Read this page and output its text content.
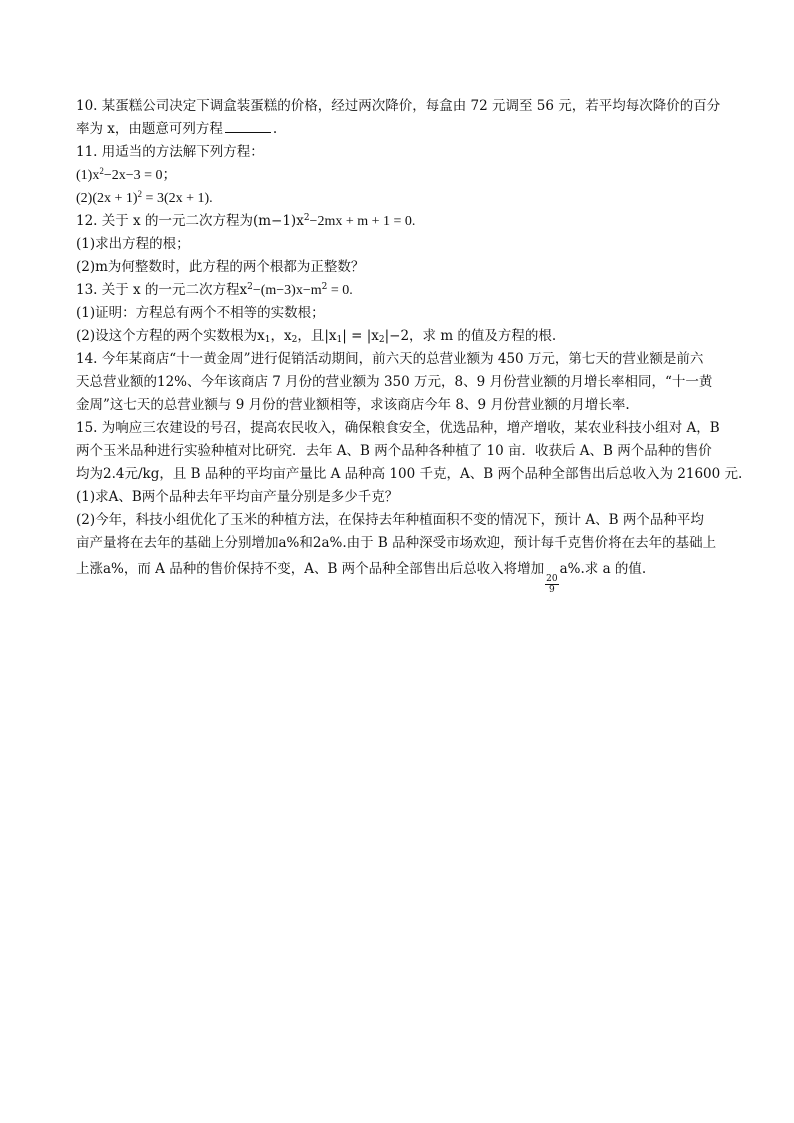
10. 某蛋糕公司决定下调盒装蛋糕的价格，经过两次降价，每盒由 72 元调至 56 元，若平均每次降价的百分
率为 x，由题意可列方程	.
11. 用适当的方法解下列方程：
$(1)x^2-2x-3 = 0$；
$(2)(2x + 1)^2 = 3(2x + 1)$.
12. 关于 x 的一元二次方程为$(m-1)x^2-2mx + m + 1 = 0$.
(1)求出方程的根；
(2)m为何整数时，此方程的两个根都为正整数？
13. 关于 x 的一元二次方程$x^2-(m-3)x-m^2 = 0$.
(1)证明：方程总有两个不相等的实数根；
(2)设这个方程的两个实数根为$x_1$，$x_2$，且$|x_1| = |x_2|-2$，求 m 的值及方程的根.
14. 今年某商店“十一黄金周”进行促销活动期间，前六天的总营业额为 450 万元，第七天的营业额是前六
天总营业额的12%、今年该商店 7 月份的营业额为 350 万元，8、9 月份营业额的月增长率相同，“十一黄
金周”这七天的总营业额与 9 月份的营业额相等，求该商店今年 8、9 月份营业额的月增长率.
15. 为响应三农建设的号召，提高农民收入，确保粮食安全，优选品种，增产增收，某农业科技小组对 A，B
两个玉米品种进行实验种植对比研究．去年 A、B 两个品种各种植了 10 亩．收获后 A、B 两个品种的售价
均为2.4元/kg，且 B 品种的平均亩产量比 A 品种高 100 千克，A、B 两个品种全部售出后总收入为 21600 元.
(1)求A、B两个品种去年平均亩产量分别是多少千克？
(2)今年，科技小组优化了玉米的种植方法，在保持去年种植面积不变的情况下，预计 A、B 两个品种平均
亩产量将在去年的基础上分别增加a%和2a%.由于 B 品种深受市场欢迎，预计每千克售价将在去年的基础上
上涨a%，而 A 品种的售价保持不变，A、B 两个品种全部售出后总收入将增加
$\frac{20}{9}$
a%.求 a 的值.
